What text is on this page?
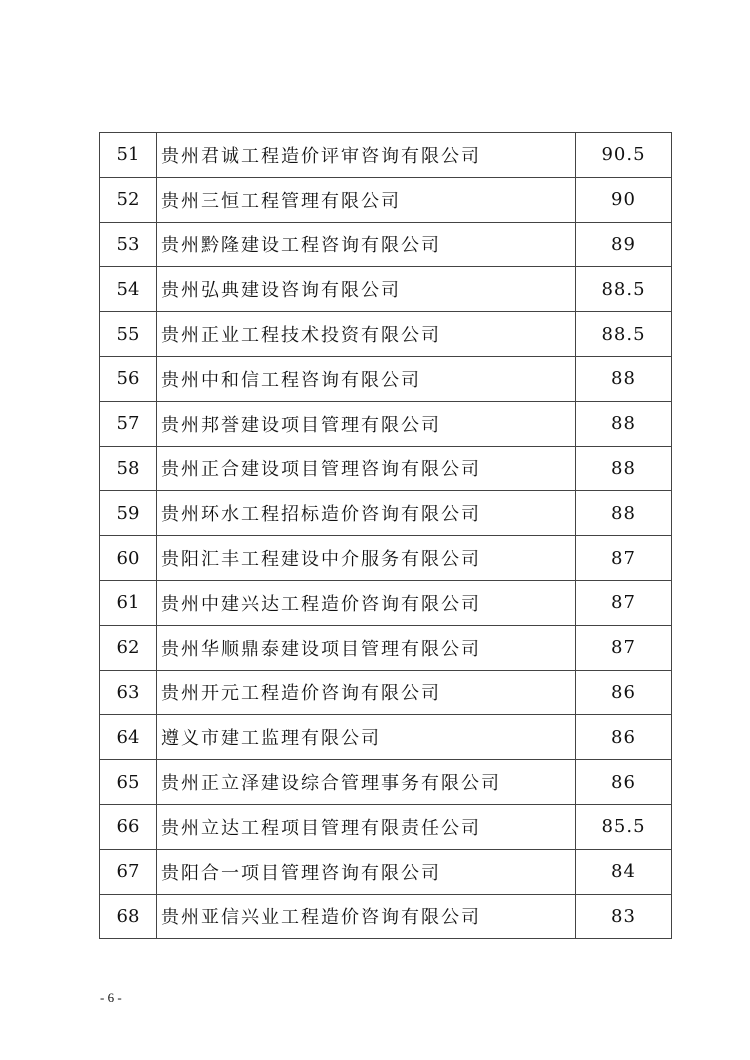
51	贵州君诚工程造价评审咨询有限公司	90.5
52	贵州三恒工程管理有限公司	90
53	贵州黔隆建设工程咨询有限公司	89
54	贵州弘典建设咨询有限公司	88.5
55	贵州正业工程技术投资有限公司	88.5
56	贵州中和信工程咨询有限公司	88
57	贵州邦誉建设项目管理有限公司	88
58	贵州正合建设项目管理咨询有限公司	88
59	贵州环水工程招标造价咨询有限公司	88
60	贵阳汇丰工程建设中介服务有限公司	87
61	贵州中建兴达工程造价咨询有限公司	87
62	贵州华顺鼎泰建设项目管理有限公司	87
63	贵州开元工程造价咨询有限公司	86
64	遵义市建工监理有限公司	86
65	贵州正立泽建设综合管理事务有限公司	86
66	贵州立达工程项目管理有限责任公司	85.5
67	贵阳合一项目管理咨询有限公司	84
68	贵州亚信兴业工程造价咨询有限公司	83
- 6 -
